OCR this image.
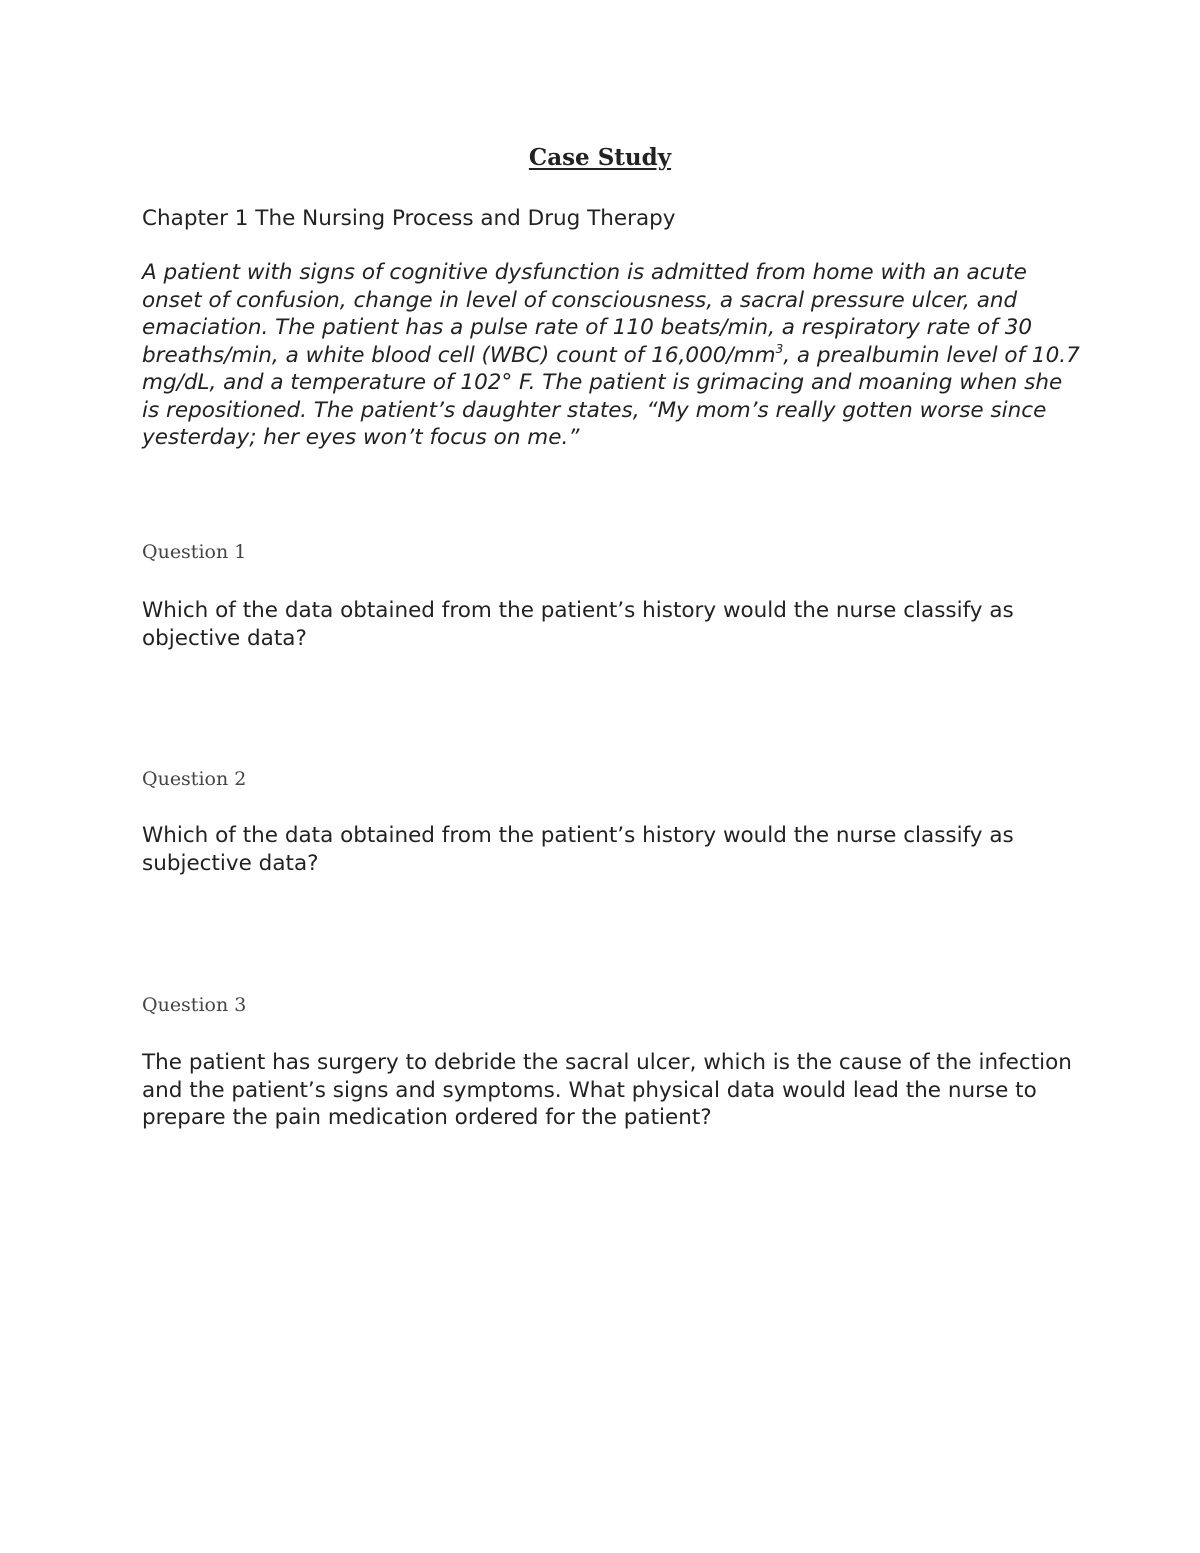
Case Study

Chapter 1 The Nursing Process and Drug Therapy

A patient with signs of cognitive dysfunction is admitted from home with an acute onset of confusion, change in level of consciousness, a sacral pressure ulcer, and emaciation. The patient has a pulse rate of 110 beats/min, a respiratory rate of 30 breaths/min, a white blood cell (WBC) count of $16,000/mm^3$, a prealbumin level of 10.7 mg/dL, and a temperature of 102° F. The patient is grimacing and moaning when she is repositioned. The patient’s daughter states, “My mom’s really gotten worse since yesterday; her eyes won’t focus on me.”

Question 1

Which of the data obtained from the patient’s history would the nurse classify as objective data?

Question 2

Which of the data obtained from the patient’s history would the nurse classify as subjective data?

Question 3

The patient has surgery to debride the sacral ulcer, which is the cause of the infection and the patient’s signs and symptoms. What physical data would lead the nurse to prepare the pain medication ordered for the patient?
